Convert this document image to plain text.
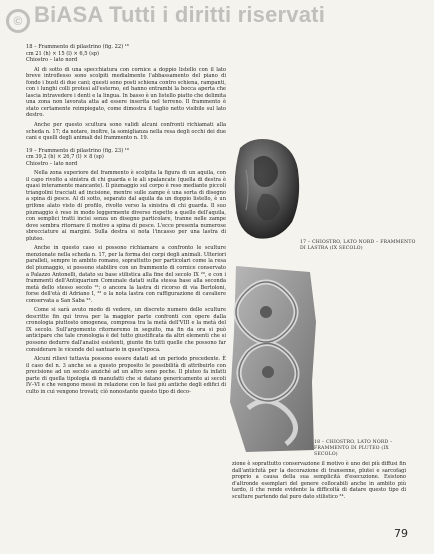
© BiASA Tutti i diritti riservati
18 – Frammento di pilastrino (fig. 22) ¹⁸
cm 21 (h) × 15 (l) × 6,5 (sp)
Chiostro – lato nord

Al di sotto di una specchiatura con cornice a doppio listello con il lato breve introflesso sono scolpiti medialmente l'abbassamento del piano di fondo i busti di due cani; questi sono posti schiena contro schiena, rampanti, con i lunghi colli protesi all'esterno, ed hanno entrambi la bocca aperta che lascia intravedere i denti e la lingua. In basso è un listello piatto che delimita una zona non lavorata atta ad essere inserita nel terreno. Il frammento è stato certamente reimpiegato, come dimostra il taglio netto visibile sul lato destro.

Anche per questo scultura sono validi alcuni confronti richiamati alla scheda n. 17; da notare, inoltre, la somiglianza nella resa degli occhi dei due cani e quelli degli animali del frammento n. 19.

19 – Frammento di pilastrino (fig. 23) ¹⁹
cm 39,2 (h) × 26,7 (l) × 8 (sp)
Chiostro – lato nord

Nella zona superiore del frammento è scolpita la figura di un aquila, con il capo rivolto a sinistra di chi guarda e le ali spalancate (quella di destra è quasi interamente mancante). Il piumaggio sul corpo è reso mediante piccoli triangolini tracciati ad incisione, mentre sulle zampe è una sorta di disegno a spina di pesce. Al di sotto, separato dal aquila da un doppio listello, è un grifone alato visto di profilo, rivolto verso la sinistra di chi guarda. Il suo piumaggio è reso in modo leggermente diverso rispetto a quello dell'aquila, con semplici tratti incisi senza un disegno particolare, tranne nelle zampe dove sembra ritornare il motivo a spina di pesce. L'ecce presenta numerose sbrecciature ai margini. Sulla destra si nota l'incasso per una lastra di pluteo.

Anche in questo caso si possono richiamare a confronto le sculture menzionate nella scheda n. 17, per la forma dei corpi degli animali. Ulteriori paralleli, sempre in ambito romano, soprattutto per particolari come la resa del piumaggio, si possono stabilire con un frammento di cornice conservato a Palazzo Antonelli, datato su base stilistica alla fine del secolo IX ²⁰, e con i frammenti dell'Antiquarium Comunale datati sulla stessa base alla seconda metà dello stesso secolo ²¹; o ancora la lastra di ricorso di via Bertoloni, forse dell'età di Adriano I, ²² o la nota lastra con raffigurazione di cavaliere conservata a San Saba ²³.

Come si sarà avuto modo di vedere, un discreto numero delle sculture descritte fin qui trova per la maggior parte confronti con opere dalla cronologia piuttosto omogenea, compresa tra la metà dell'VIII e la metà del IX secolo. Sull'argomento ritorneremo in seguito, ma fin da ora si può anticipare che tale cronologia è del tutto giustificata da altri elementi che si possono dedurre dall'analisi esistenti, giunte fin tutti quelle che possono far considerare le vicende del santuario in quest'epoca.

Alcuni rilievi tuttavia possono essere datati ad un periodo precedente. È il caso del n. 3 anche se a questo proposito le possibilità di attribuirlo con precisione ad un secolo anziché ad un altro sono poche. Il pluteo fa infatti parte di quella tipologia di manufatti che si datano genericamente ai secoli IV–VI e che vengono messi in relazione con le fasi più antiche degli edifici di culto in cui vengono trovati; ciò nonostante questo tipo di deco-

17 – CHIOSTRO, LATO NORD – FRAMMENTO DI LASTRA (IX SECOLO)
18 – CHIOSTRO, LATO NORD – FRAMMENTO DI PLUTEO (IX SECOLO)

zione è soprattutto conservazione il motivo è uno dei più diffusi fin dall'antichità per la decorazione di transenne, plutei e sarcofagi proprio a causa della sua semplicità d'esecuzione. Esistono d'altronde esemplari del genere collocabili anche in ambito più tardo, il che rende evidente la difficoltà di datare questo tipo di sculture partendo dal puro dato stilistico ²⁴.

79
